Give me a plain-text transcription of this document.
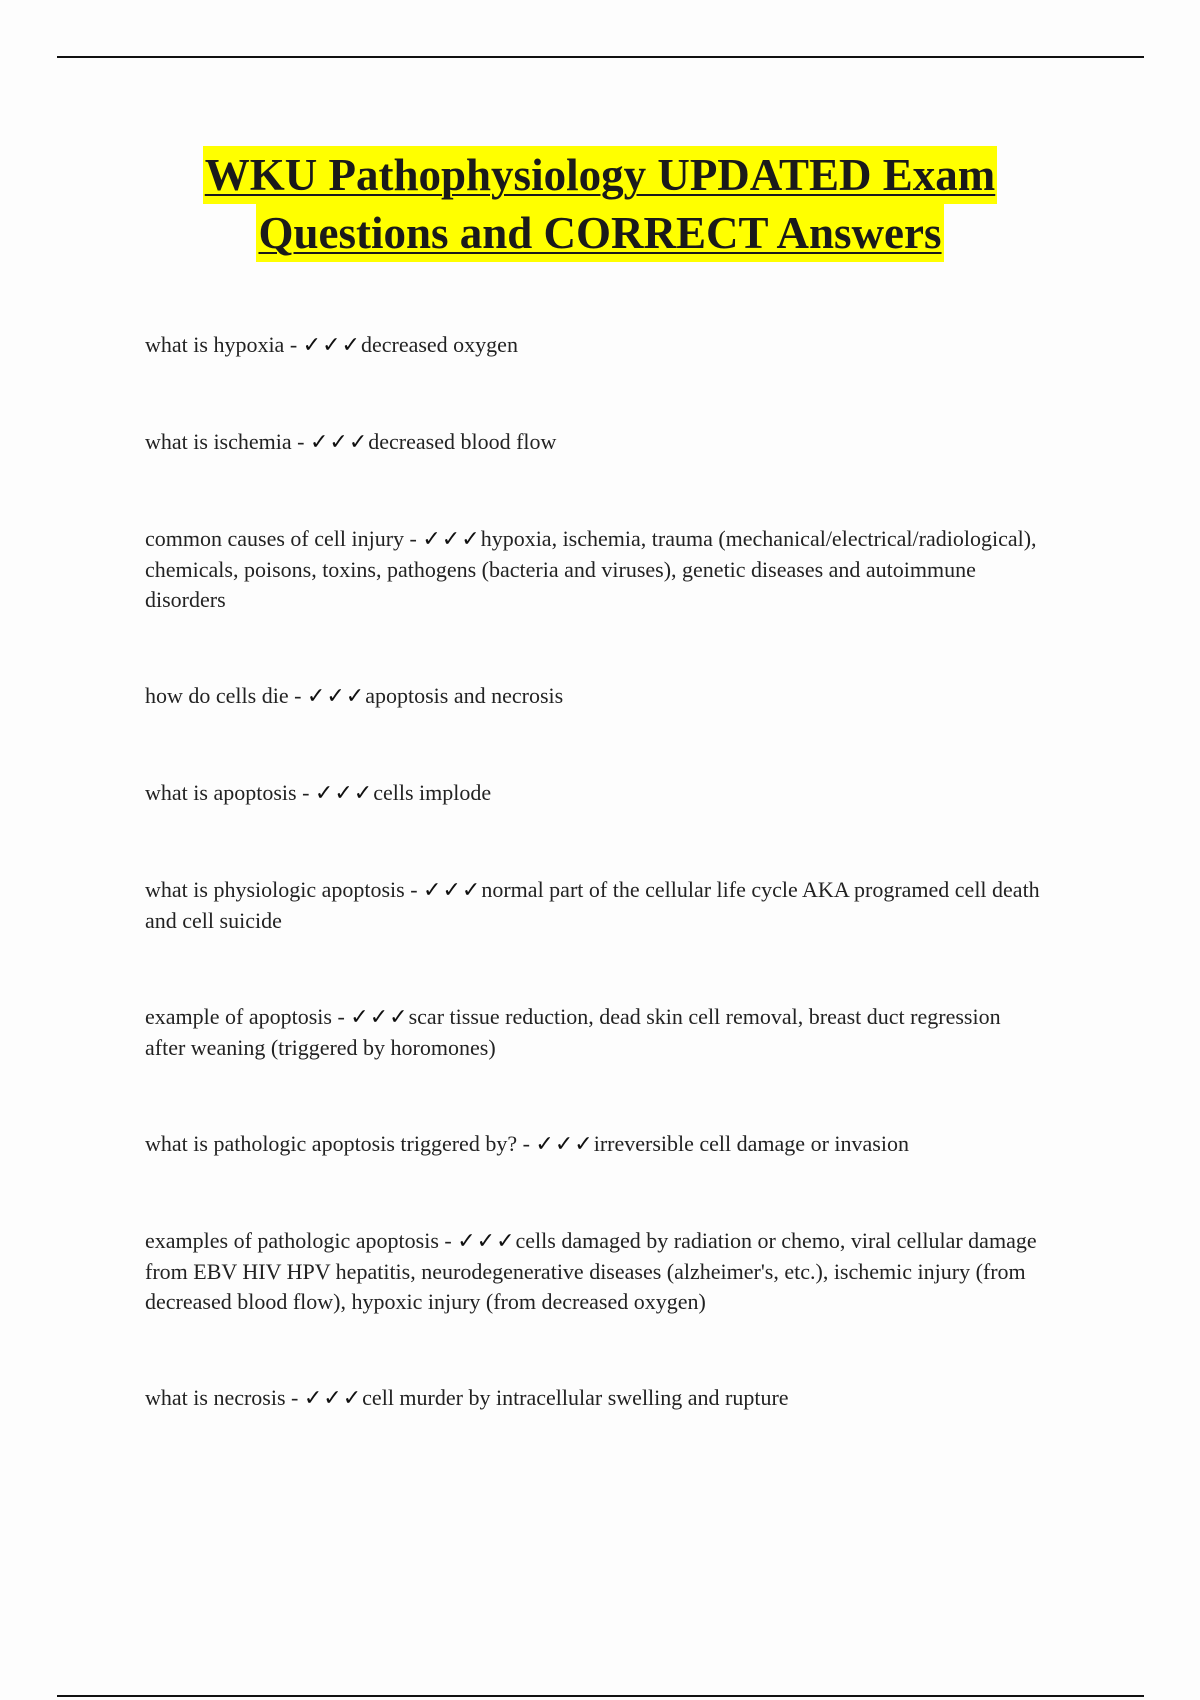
WKU Pathophysiology UPDATED Exam
Questions and CORRECT Answers
what is hypoxia - ✓✓✓decreased oxygen
what is ischemia - ✓✓✓decreased blood flow
common causes of cell injury - ✓✓✓hypoxia, ischemia, trauma (mechanical/electrical/radiological), chemicals, poisons, toxins, pathogens (bacteria and viruses), genetic diseases and autoimmune disorders
how do cells die - ✓✓✓apoptosis and necrosis
what is apoptosis - ✓✓✓cells implode
what is physiologic apoptosis - ✓✓✓normal part of the cellular life cycle AKA programed cell death and cell suicide
example of apoptosis - ✓✓✓scar tissue reduction, dead skin cell removal, breast duct regression after weaning (triggered by horomones)
what is pathologic apoptosis triggered by? - ✓✓✓irreversible cell damage or invasion
examples of pathologic apoptosis - ✓✓✓cells damaged by radiation or chemo, viral cellular damage from EBV HIV HPV hepatitis, neurodegenerative diseases (alzheimer's, etc.), ischemic injury (from decreased blood flow), hypoxic injury (from decreased oxygen)
what is necrosis - ✓✓✓cell murder by intracellular swelling and rupture
